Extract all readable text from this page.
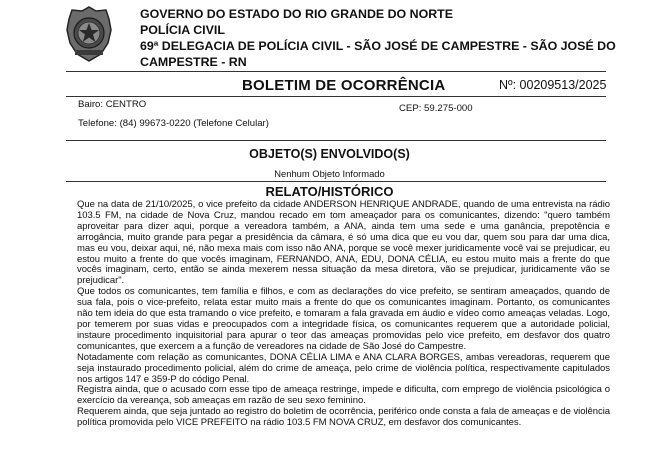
GOVERNO DO ESTADO DO RIO GRANDE DO NORTE
POLÍCIA CIVIL
69ª DELEGACIA DE POLÍCIA CIVIL - SÃO JOSÉ DE CAMPESTRE - SÃO JOSÉ DO
CAMPESTRE - RN
BOLETIM DE OCORRÊNCIA	Nº: 00209513/2025
Bairo: CENTRO	CEP: 59.275-000
Telefone: (84) 99673-0220 (Telefone Celular)
OBJETO(S) ENVOLVIDO(S)
Nenhum Objeto Informado
RELATO/HISTÓRICO

Que na data de 21/10/2025, o vice prefeito da cidade ANDERSON HENRIQUE ANDRADE, quando de uma entrevista na rádio 103.5 FM, na cidade de Nova Cruz, mandou recado em tom ameaçador para os comunicantes, dizendo: "quero também aproveitar para dizer aqui, porque a vereadora também, a ANA, ainda tem uma sede e uma ganância, prepotência e arrogância, muito grande para pegar a presidência da câmara, é só uma dica que eu vou dar, quem sou para dar uma dica, mas eu vou, deixar aqui, né, não mexa mais com isso não ANA, porque se você mexer juridicamente você vai se prejudicar, eu estou muito a frente do que vocês imaginam, FERNANDO, ANA, EDU, DONA CÉLIA, eu estou muito mais a frente do que vocês imaginam, certo, então se ainda mexerem nessa situação da mesa diretora, vão se prejudicar, juridicamente vão se prejudicar".

Que todos os comunicantes, tem família e filhos, e com as declarações do vice prefeito, se sentiram ameaçados, quando de sua fala, pois o vice-prefeito, relata estar muito mais a frente do que os comunicantes imaginam. Portanto, os comunicantes não tem ideia do que esta tramando o vice prefeito, e tomaram a fala gravada em áudio e vídeo como ameaças veladas. Logo, por temerem por suas vidas e preocupados com a integridade física, os comunicantes requerem que a autoridade policial, instaure procedimento inquisitorial para apurar o teor das ameaças promovidas pelo vice prefeito, em desfavor dos quatro comunicantes, que exercem a a função de vereadores na cidade de São José do Campestre.

Notadamente com relação as comunicantes, DONA CÉLIA LIMA e ANA CLARA BORGES, ambas vereadoras, requerem que seja instaurado procedimento policial, além do crime de ameaça, pelo crime de violência política, respectivamente capitulados nos artigos 147 e 359-P do código Penal.

Registra ainda, que o acusado com esse tipo de ameaça restringe, impede e dificulta, com emprego de violência psicológica o exercício da vereança, sob ameaças em razão de seu sexo feminino.

Requerem ainda, que seja juntado ao registro do boletim de ocorrência, periférico onde consta a fala de ameaças e de violência política promovida pelo VICE PREFEITO na rádio 103.5 FM NOVA CRUZ, em desfavor dos comunicantes.
